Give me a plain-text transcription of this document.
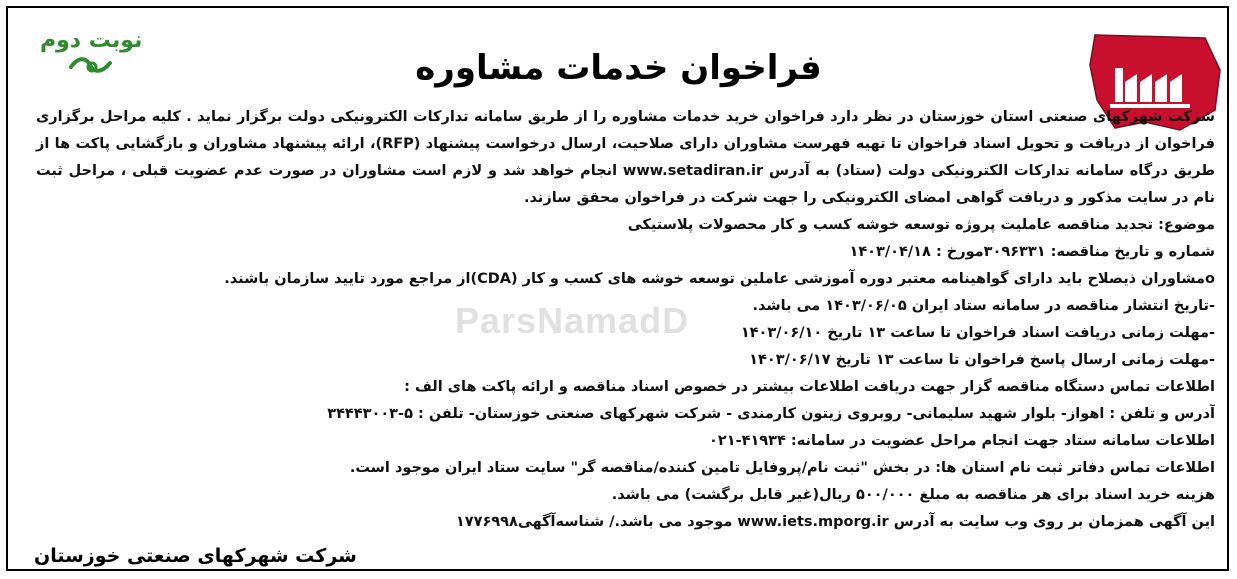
نوبت دوم
فراخوان خدمات مشاوره
ParsNamadD
شرکت شهرکهای صنعتی استان خوزستان در نظر دارد فراخوان خرید خدمات مشاوره را از طریق سامانه تدارکات الکترونیکی دولت برگزار نماید . کلیه مراحل برگزاری فراخوان از دریافت و تحویل اسناد فراخوان تا تهیه فهرست مشاوران دارای صلاحیت، ارسال درخواست پیشنهاد (RFP)، ارائه پیشنهاد مشاوران و بازگشایی پاکت ها از طریق درگاه سامانه تدارکات الکترونیکی دولت (ستاد) به آدرس www.setadiran.ir انجام خواهد شد و لازم است مشاوران در صورت عدم عضویت قبلی ، مراحل ثبت نام در سایت مذکور و دریافت گواهی امضای الکترونیکی را جهت شرکت در فراخوان محقق سازند.
موضوع: تجدید مناقصه عاملیت پروژه توسعه خوشه کسب و کار محصولات پلاستیکی
شماره و تاریخ مناقصه: ۳۰۹۶۳۳۱مورخ : ۱۴۰۳/۰۴/۱۸
oمشاوران ذیصلاح باید دارای گواهینامه معتبر دوره آموزشی عاملین توسعه خوشه های کسب و کار (CDA)از مراجع مورد تایید سازمان باشند.
-تاریخ انتشار مناقصه در سامانه ستاد ایران ۱۴۰۳/۰۶/۰۵ می باشد.
-مهلت زمانی دریافت اسناد فراخوان تا ساعت ۱۳ تاریخ ۱۴۰۳/۰۶/۱۰
-مهلت زمانی ارسال پاسخ فراخوان تا ساعت ۱۳ تاریخ ۱۴۰۳/۰۶/۱۷
اطلاعات تماس دستگاه مناقصه گزار جهت دریافت اطلاعات بیشتر در خصوص اسناد مناقصه و ارائه پاکت های الف :
آدرس و تلفن : اهواز- بلوار شهید سلیمانی- روبروی زیتون کارمندی - شرکت شهرکهای صنعتی خوزستان- تلفن : ۵-۳۴۴۴۳۰۰۳
اطلاعات سامانه ستاد جهت انجام مراحل عضویت در سامانه: ۴۱۹۳۴-۰۲۱
اطلاعات تماس دفاتر ثبت نام استان ها: در بخش "ثبت نام/پروفایل تامین کننده/مناقصه گر" سایت ستاد ایران موجود است.
هزینه خرید اسناد برای هر مناقصه به مبلغ ۵۰۰/۰۰۰ ریال(غیر قابل برگشت) می باشد.
این آگهی همزمان بر روی وب سایت به آدرس www.iets.mporg.ir موجود می باشد./ شناسه‌آگهی۱۷۷۶۹۹۸
شرکت شهرکهای صنعتی خوزستان
